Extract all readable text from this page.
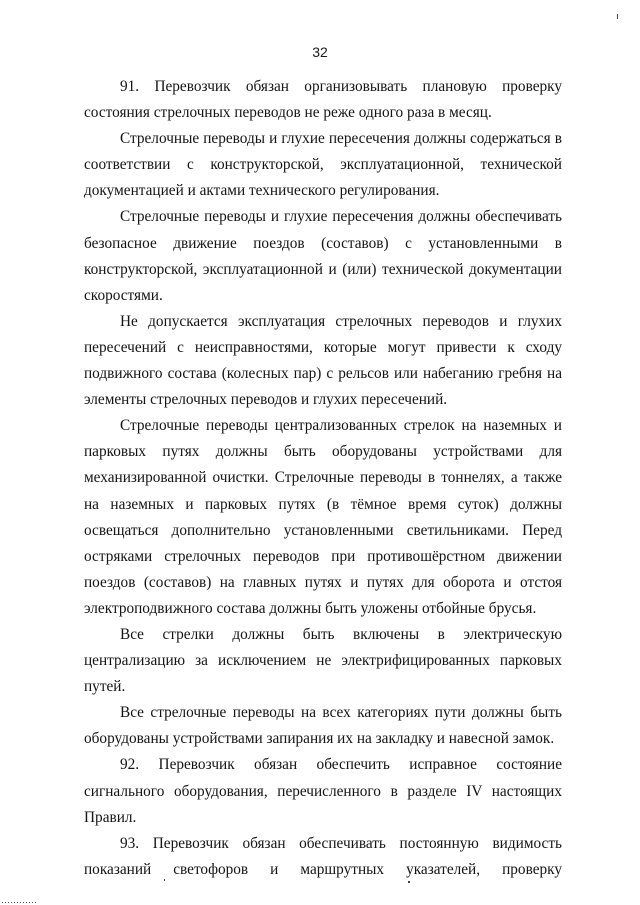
32

91. Перевозчик обязан организовывать плановую проверку состояния стрелочных переводов не реже одного раза в месяц.

Стрелочные переводы и глухие пересечения должны содержаться в соответствии с конструкторской, эксплуатационной, технической документацией и актами технического регулирования.

Стрелочные переводы и глухие пересечения должны обеспечивать безопасное движение поездов (составов) с установленными в конструкторской, эксплуатационной и (или) технической документации скоростями.

Не допускается эксплуатация стрелочных переводов и глухих пересечений с неисправностями, которые могут привести к сходу подвижного состава (колесных пар) с рельсов или набеганию гребня на элементы стрелочных переводов и глухих пересечений.

Стрелочные переводы централизованных стрелок на наземных и парковых путях должны быть оборудованы устройствами для механизированной очистки. Стрелочные переводы в тоннелях, а также на наземных и парковых путях (в тёмное время суток) должны освещаться дополнительно установленными светильниками. Перед остряками стрелочных переводов при противошёрстном движении поездов (составов) на главных путях и путях для оборота и отстоя электроподвижного состава должны быть уложены отбойные брусья.

Все стрелки должны быть включены в электрическую централизацию за исключением не электрифицированных парковых путей.

Все стрелочные переводы на всех категориях пути должны быть оборудованы устройствами запирания их на закладку и навесной замок.

92. Перевозчик обязан обеспечить исправное состояние сигнального оборудования, перечисленного в разделе IV настоящих Правил.

93. Перевозчик обязан обеспечивать постоянную видимость показаний светофоров и маршрутных указателей, проверку
